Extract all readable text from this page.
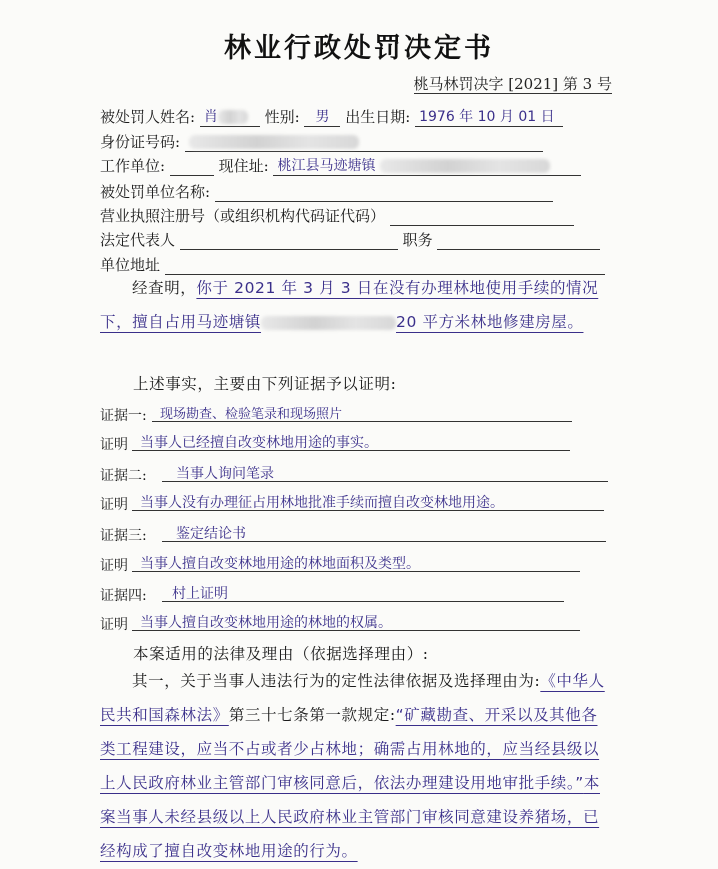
林业行政处罚决定书
桃马林罚决字 [2021] 第 3 号
被处罚人姓名: 肖	性别: 男 出生日期: 1976 年 10 月 01 日
身份证号码:
工作单位:	现住址: 桃江县马迹塘镇
被处罚单位名称:
营业执照注册号（或组织机构代码证代码）
法定代表人	职务
单位地址
经查明，你于 2021 年 3 月 3 日在没有办理林地使用手续的情况下，擅自占用马迹塘镇	20 平方米林地修建房屋。
上述事实，主要由下列证据予以证明:
证据一:	现场勘查、检验笔录和现场照片
证明 当事人已经擅自改变林地用途的事实。
证据二:	当事人询问笔录
证明 当事人没有办理征占用林地批准手续而擅自改变林地用途。
证据三:	鉴定结论书
证明 当事人擅自改变林地用途的林地面积及类型。
证据四:	村上证明
证明 当事人擅自改变林地用途的林地的权属。
本案适用的法律及理由（依据选择理由）:
其一，关于当事人违法行为的定性法律依据及选择理由为:《中华人民共和国森林法》第三十七条第一款规定:“矿藏勘查、开采以及其他各类工程建设，应当不占或者少占林地；确需占用林地的，应当经县级以上人民政府林业主管部门审核同意后，依法办理建设用地审批手续。”本案当事人未经县级以上人民政府林业主管部门审核同意建设养猪场，已经构成了擅自改变林地用途的行为。
